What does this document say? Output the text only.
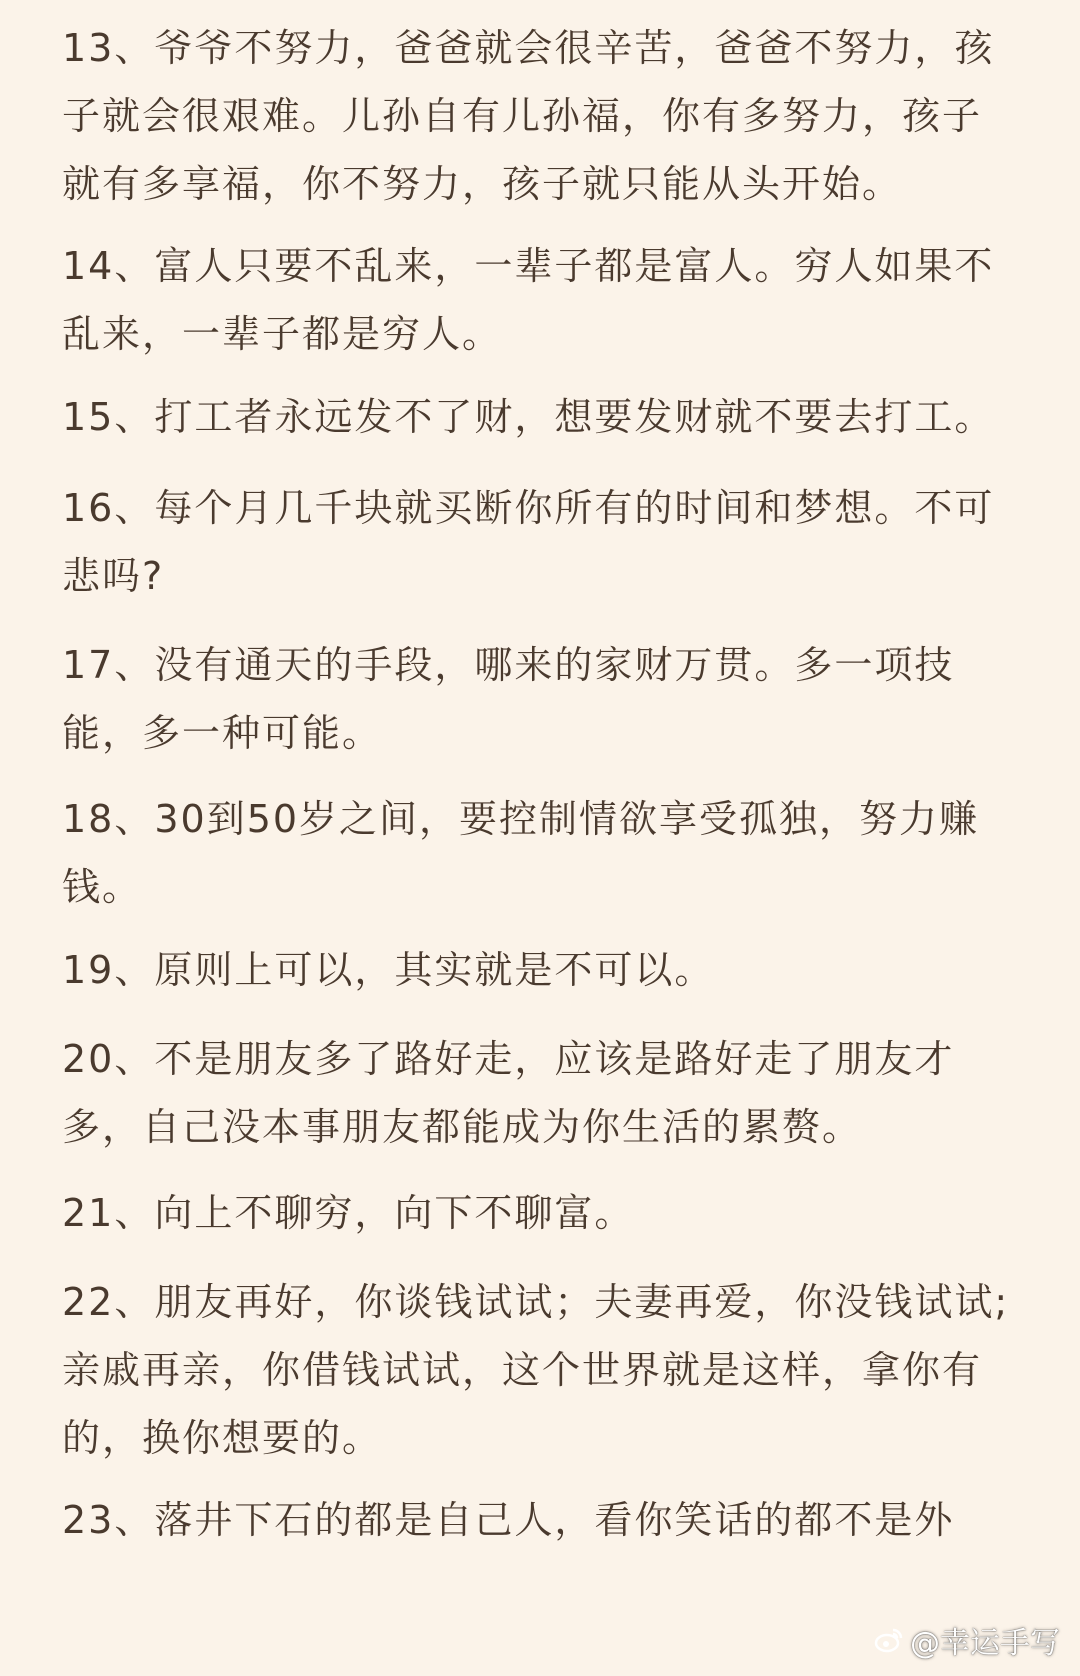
13、爷爷不努力，爸爸就会很辛苦，爸爸不努力，孩
子就会很艰难。儿孙自有儿孙福，你有多努力，孩子
就有多享福，你不努力，孩子就只能从头开始。
14、富人只要不乱来，一辈子都是富人。穷人如果不
乱来，一辈子都是穷人。
15、打工者永远发不了财，想要发财就不要去打工。
16、每个月几千块就买断你所有的时间和梦想。不可
悲吗?
17、没有通天的手段，哪来的家财万贯。多一项技
能，多一种可能。
18、30到50岁之间，要控制情欲享受孤独，努力赚
钱。
19、原则上可以，其实就是不可以。
20、不是朋友多了路好走，应该是路好走了朋友才
多，自己没本事朋友都能成为你生活的累赘。
21、向上不聊穷，向下不聊富。
22、朋友再好，你谈钱试试；夫妻再爱，你没钱试试;
亲戚再亲，你借钱试试，这个世界就是这样，拿你有
的，换你想要的。
23、落井下石的都是自己人，看你笑话的都不是外
@幸运手写
